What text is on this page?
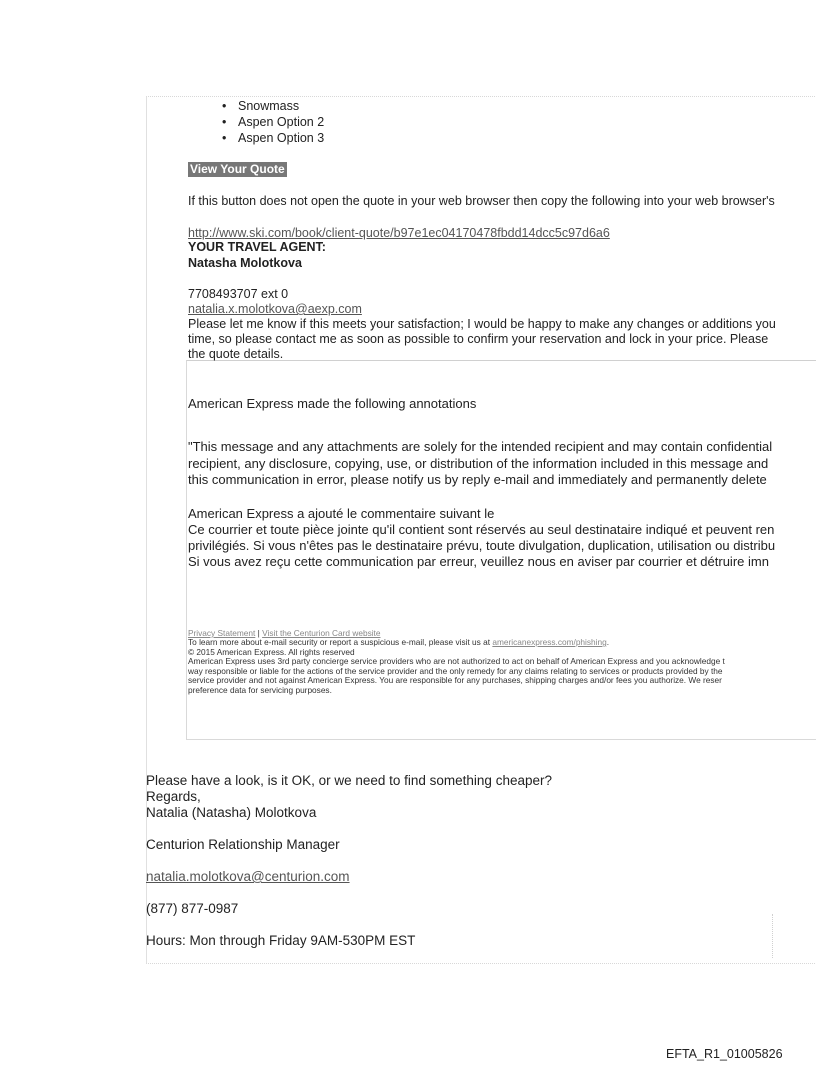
• Snowmass
• Aspen Option 2
• Aspen Option 3
View Your Quote
If this button does not open the quote in your web browser then copy the following into your web browser's
http://www.ski.com/book/client-quote/b97e1ec04170478fbdd14dcc5c97d6a6
YOUR TRAVEL AGENT:
Natasha Molotkova
7708493707 ext 0
natalia.x.molotkova@aexp.com
Please let me know if this meets your satisfaction; I would be happy to make any changes or additions you
time, so please contact me as soon as possible to confirm your reservation and lock in your price. Please
the quote details.
American Express made the following annotations
"This message and any attachments are solely for the intended recipient and may contain confidential
recipient, any disclosure, copying, use, or distribution of the information included in this message and
this communication in error, please notify us by reply e-mail and immediately and permanently delete
American Express a ajouté le commentaire suivant le
Ce courrier et toute pièce jointe qu'il contient sont réservés au seul destinataire indiqué et peuvent ren
privilégiés. Si vous n'êtes pas le destinataire prévu, toute divulgation, duplication, utilisation ou distribu
Si vous avez reçu cette communication par erreur, veuillez nous en aviser par courrier et détruire imn
Privacy Statement | Visit the Centurion Card website
To learn more about e-mail security or report a suspicious e-mail, please visit us at americanexpress.com/phishing.
© 2015 American Express. All rights reserved
American Express uses 3rd party concierge service providers who are not authorized to act on behalf of American Express and you acknowledge t
way responsible or liable for the actions of the service provider and the only remedy for any claims relating to services or products provided by the
service provider and not against American Express. You are responsible for any purchases, shipping charges and/or fees you authorize. We reser
preference data for servicing purposes.
Please have a look, is it OK, or we need to find something cheaper?
Regards,
Natalia (Natasha) Molotkova
Centurion Relationship Manager
natalia.molotkova@centurion.com
(877) 877-0987
Hours: Mon through Friday 9AM-530PM EST
EFTA_R1_01005826
